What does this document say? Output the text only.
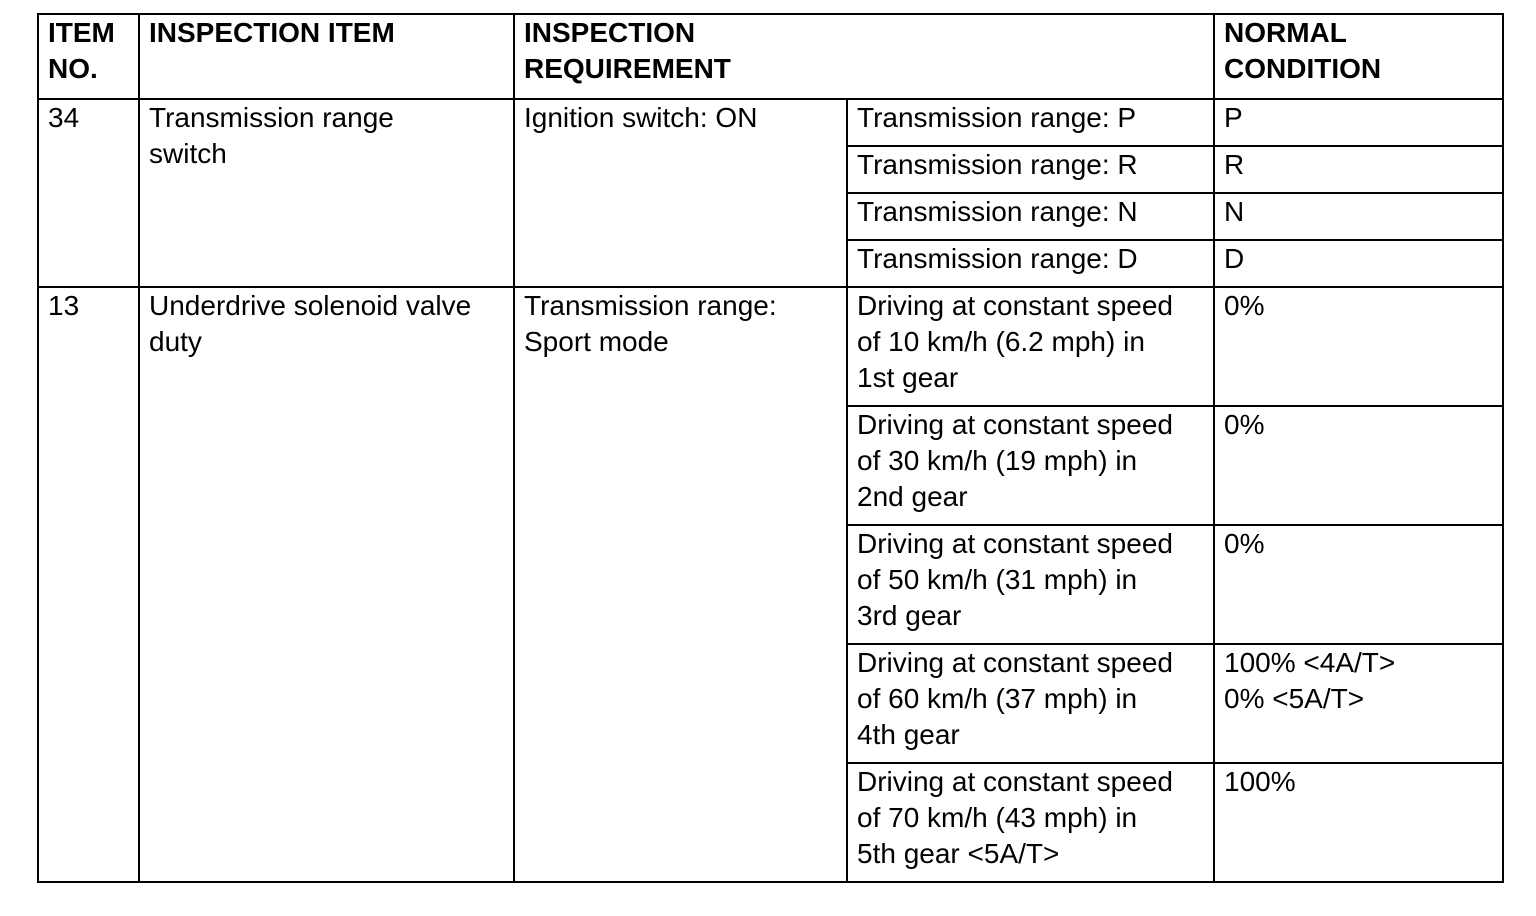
ITEM
NO.	INSPECTION ITEM	INSPECTION
REQUIREMENT		NORMAL
CONDITION

34	Transmission range
switch	Ignition switch: ON	Transmission range: P	P

			Transmission range: R	R

			Transmission range: N	N

			Transmission range: D	D

13	Underdrive solenoid valve
duty	Transmission range:
Sport mode	Driving at constant speed
of 10 km/h (6.2 mph) in
1st gear	0%

			Driving at constant speed
of 30 km/h (19 mph) in
2nd gear	0%

			Driving at constant speed
of 50 km/h (31 mph) in
3rd gear	0%

			Driving at constant speed
of 60 km/h (37 mph) in
4th gear	100% <4A/T>
0% <5A/T>

			Driving at constant speed
of 70 km/h (43 mph) in
5th gear <5A/T>	100%
